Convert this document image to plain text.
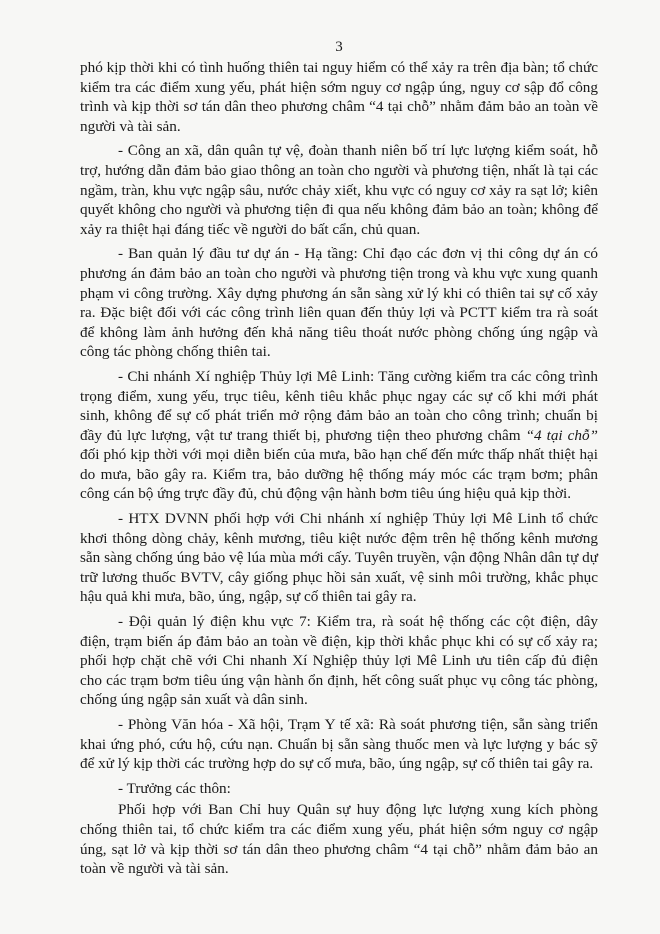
3

phó kịp thời khi có tình huống thiên tai nguy hiểm có thể xảy ra trên địa bàn; tổ chức kiểm tra các điểm xung yếu, phát hiện sớm nguy cơ ngập úng, nguy cơ sập đổ công trình và kịp thời sơ tán dân theo phương châm “4 tại chỗ” nhằm đảm bảo an toàn về người và tài sản.

- Công an xã, dân quân tự vệ, đoàn thanh niên bố trí lực lượng kiểm soát, hỗ trợ, hướng dẫn đảm bảo giao thông an toàn cho người và phương tiện, nhất là tại các ngầm, tràn, khu vực ngập sâu, nước chảy xiết, khu vực có nguy cơ xảy ra sạt lở; kiên quyết không cho người và phương tiện đi qua nếu không đảm bảo an toàn; không để xảy ra thiệt hại đáng tiếc về người do bất cẩn, chủ quan.

- Ban quản lý đầu tư dự án - Hạ tầng: Chỉ đạo các đơn vị thi công dự án có phương án đảm bảo an toàn cho người và phương tiện trong và khu vực xung quanh phạm vi công trường. Xây dựng phương án sẵn sàng xử lý khi có thiên tai sự cố xảy ra. Đặc biệt đối với các công trình liên quan đến thủy lợi và PCTT kiểm tra rà soát để không làm ảnh hưởng đến khả năng tiêu thoát nước phòng chống úng ngập và công tác phòng chống thiên tai.

- Chi nhánh Xí nghiệp Thủy lợi Mê Linh: Tăng cường kiểm tra các công trình trọng điểm, xung yếu, trục tiêu, kênh tiêu khắc phục ngay các sự cố khi mới phát sinh, không để sự cố phát triển mở rộng đảm bảo an toàn cho công trình; chuẩn bị đầy đủ lực lượng, vật tư trang thiết bị, phương tiện theo phương châm “4 tại chỗ” đối phó kịp thời với mọi diễn biến của mưa, bão hạn chế đến mức thấp nhất thiệt hại do mưa, bão gây ra. Kiểm tra, bảo dưỡng hệ thống máy móc các trạm bơm; phân công cán bộ ứng trực đầy đủ, chủ động vận hành bơm tiêu úng hiệu quả kịp thời.

- HTX DVNN phối hợp với Chi nhánh xí nghiệp Thủy lợi Mê Linh tổ chức khơi thông dòng chảy, kênh mương, tiêu kiệt nước đệm trên hệ thống kênh mương sẵn sàng chống úng bảo vệ lúa mùa mới cấy. Tuyên truyền, vận động Nhân dân tự dự trữ lương thuốc BVTV, cây giống phục hồi sản xuất, vệ sinh môi trường, khắc phục hậu quả khi mưa, bão, úng, ngập, sự cố thiên tai gây ra.

- Đội quản lý điện khu vực 7: Kiểm tra, rà soát hệ thống các cột điện, dây điện, trạm biến áp đảm bảo an toàn về điện, kịp thời khắc phục khi có sự cố xảy ra; phối hợp chặt chẽ với Chi nhanh Xí Nghiệp thủy lợi Mê Linh ưu tiên cấp đủ điện cho các trạm bơm tiêu úng vận hành ổn định, hết công suất phục vụ công tác phòng, chống úng ngập sản xuất và dân sinh.

- Phòng Văn hóa - Xã hội, Trạm Y tế xã: Rà soát phương tiện, sẵn sàng triển khai ứng phó, cứu hộ, cứu nạn. Chuẩn bị sẵn sàng thuốc men và lực lượng y bác sỹ để xử lý kịp thời các trường hợp do sự cố mưa, bão, úng ngập, sự cố thiên tai gây ra.

- Trưởng các thôn:

Phối hợp với Ban Chỉ huy Quân sự huy động lực lượng xung kích phòng chống thiên tai, tổ chức kiểm tra các điểm xung yếu, phát hiện sớm nguy cơ ngập úng, sạt lở và kịp thời sơ tán dân theo phương châm “4 tại chỗ” nhằm đảm bảo an toàn về người và tài sản.
